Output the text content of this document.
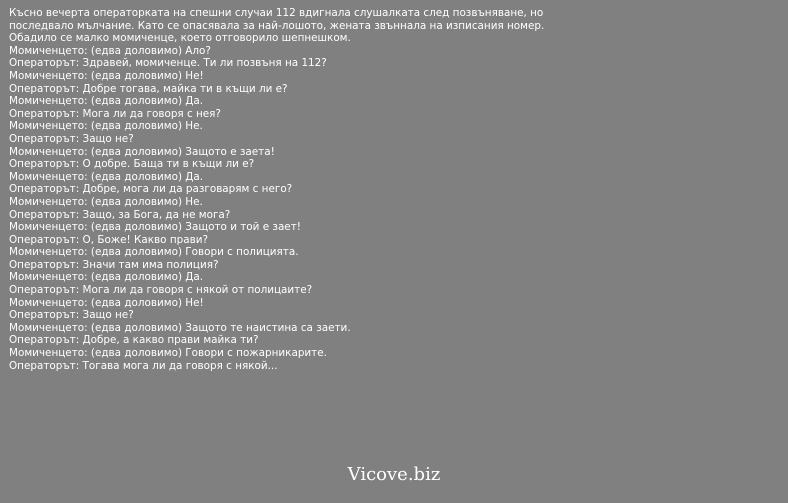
Късно вечерта операторката на спешни случаи 112 вдигнала слушалката след позвъняване, но последвало мълчание. Като се опасявала за най-лошото, жената звъннала на изписания номер. Обадило се малко момиченце, което отговорило шепнешком.

Момиченцето: (едва доловимо) Ало?

Операторът: Здравей, момиченце. Ти ли позвъня на 112?

Момиченцето: (едва доловимо) Не!

Операторът: Добре тогава, майка ти в къщи ли е?

Момиченцето: (едва доловимо) Да.

Операторът: Мога ли да говоря с нея?

Момиченцето: (едва доловимо) Не.

Операторът: Защо не?

Момиченцето: (едва доловимо) Защото е заета!

Операторът: О добре. Баща ти в къщи ли е?

Момиченцето: (едва доловимо) Да.

Операторът: Добре, мога ли да разговарям с него?

Момиченцето: (едва доловимо) Не.

Операторът: Защо, за Бога, да не мога?

Момиченцето: (едва доловимо) Защото и той е зает!

Операторът: О, Боже! Какво прави?

Момиченцето: (едва доловимо) Говори с полицията.

Операторът: Значи там има полиция?

Момиченцето: (едва доловимо) Да.

Операторът: Мога ли да говоря с някой от полицаите?

Момиченцето: (едва доловимо) Не!

Операторът: Защо не?

Момиченцето: (едва доловимо) Защото те наистина са заети.

Операторът: Добре, а какво прави майка ти?

Момиченцето: (едва доловимо) Говори с пожарникарите.

Операторът: Тогава мога ли да говоря с някой...

Vicove.biz
